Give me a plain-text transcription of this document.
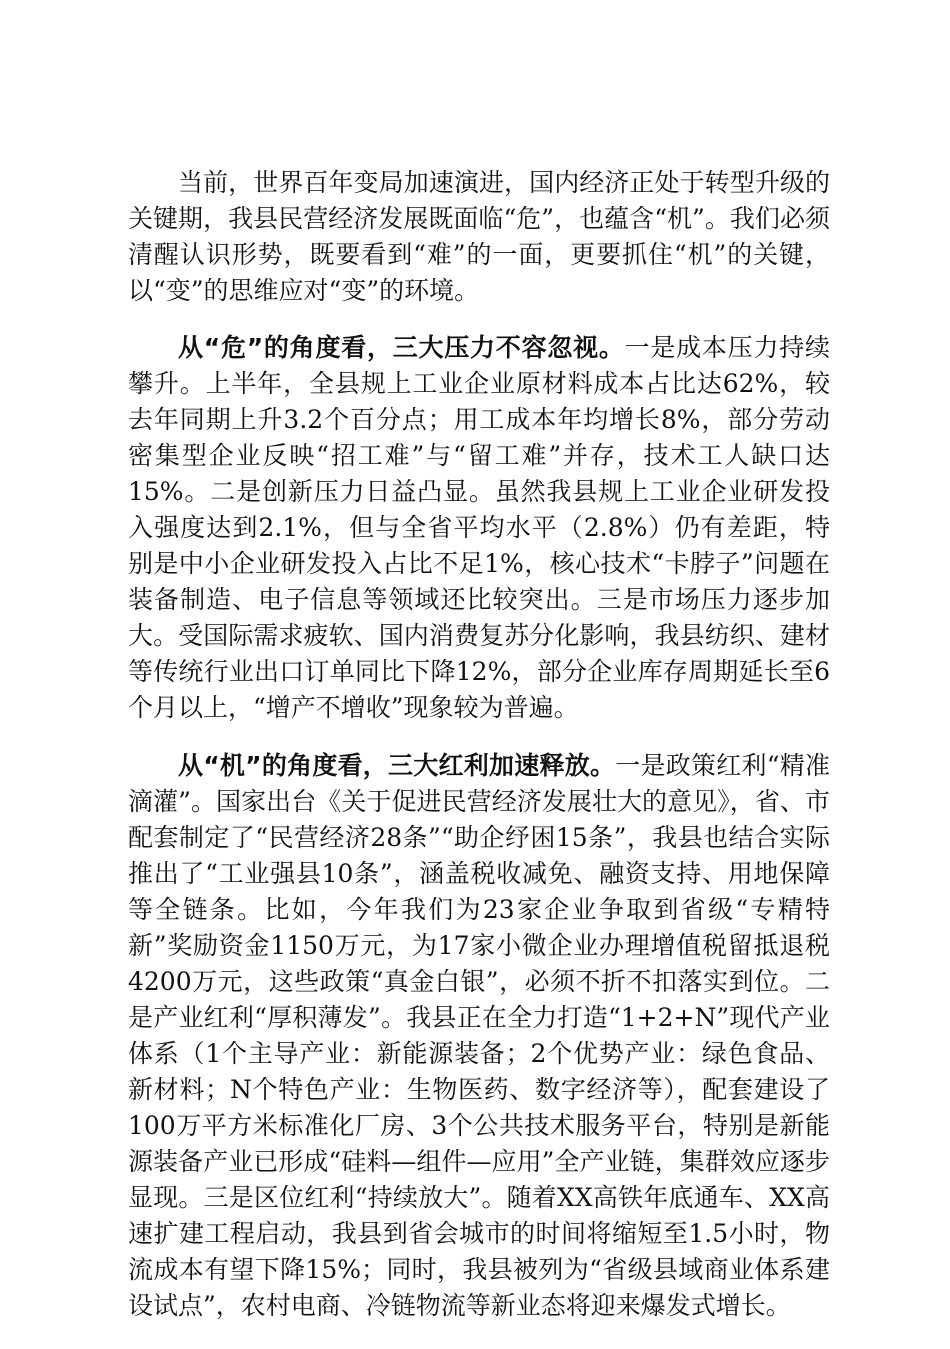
当前，世界百年变局加速演进，国内经济正处于转型升级的关键期，我县民营经济发展既面临“危”，也蕴含“机”。我们必须清醒认识形势，既要看到“难”的一面，更要抓住“机”的关键，以“变”的思维应对“变”的环境。

从“危”的角度看，三大压力不容忽视。一是成本压力持续攀升。上半年，全县规上工业企业原材料成本占比达62%，较去年同期上升3.2个百分点；用工成本年均增长8%，部分劳动密集型企业反映“招工难”与“留工难”并存，技术工人缺口达15%。二是创新压力日益凸显。虽然我县规上工业企业研发投入强度达到2.1%，但与全省平均水平（2.8%）仍有差距，特别是中小企业研发投入占比不足1%，核心技术“卡脖子”问题在装备制造、电子信息等领域还比较突出。三是市场压力逐步加大。受国际需求疲软、国内消费复苏分化影响，我县纺织、建材等传统行业出口订单同比下降12%，部分企业库存周期延长至6个月以上，“增产不增收”现象较为普遍。

从“机”的角度看，三大红利加速释放。一是政策红利“精准滴灌”。国家出台《关于促进民营经济发展壮大的意见》，省、市配套制定了“民营经济28条”“助企纾困15条”，我县也结合实际推出了“工业强县10条”，涵盖税收减免、融资支持、用地保障等全链条。比如，今年我们为23家企业争取到省级“专精特新”奖励资金1150万元，为17家小微企业办理增值税留抵退税4200万元，这些政策“真金白银”，必须不折不扣落实到位。二是产业红利“厚积薄发”。我县正在全力打造“1+2+N”现代产业体系（1个主导产业：新能源装备；2个优势产业：绿色食品、新材料；N个特色产业：生物医药、数字经济等），配套建设了100万平方米标准化厂房、3个公共技术服务平台，特别是新能源装备产业已形成“硅料—组件—应用”全产业链，集群效应逐步显现。三是区位红利“持续放大”。随着XX高铁年底通车、XX高速扩建工程启动，我县到省会城市的时间将缩短至1.5小时，物流成本有望下降15%；同时，我县被列为“省级县域商业体系建设试点”，农村电商、冷链物流等新业态将迎来爆发式增长。
